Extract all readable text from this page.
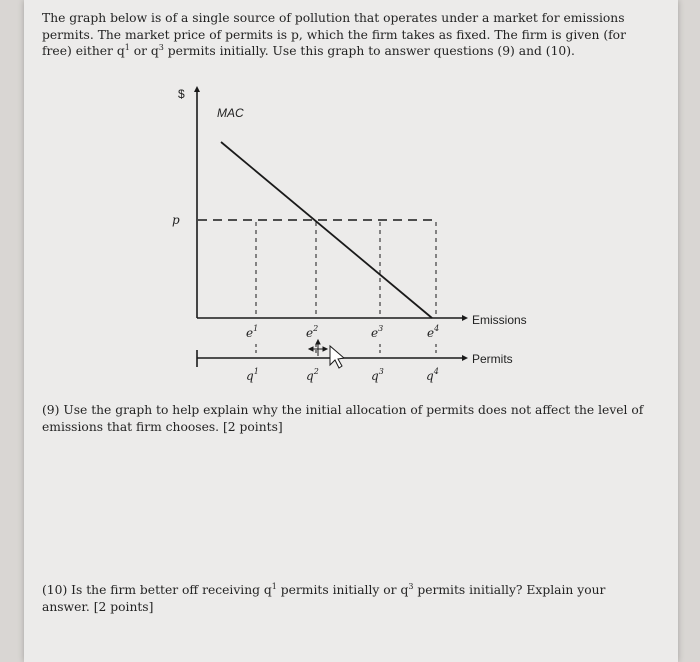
The graph below is of a single source of pollution that operates under a market for emissions
permits. The market price of permits is p, which the firm takes as fixed. The firm is given (for
free) either $q^1$ or $q^3$ permits initially. Use this graph to answer questions (9) and (10).
$
MAC
p
Emissions
Permits
$e^1$	$e^2$	$e^3$	$e^4$
$q^1$	$q^2$	$q^3$	$q^4$
(9) Use the graph to help explain why the initial allocation of permits does not affect the level of
emissions that firm chooses. [2 points]
(10) Is the firm better off receiving $q^1$ permits initially or $q^3$ permits initially? Explain your
answer. [2 points]
